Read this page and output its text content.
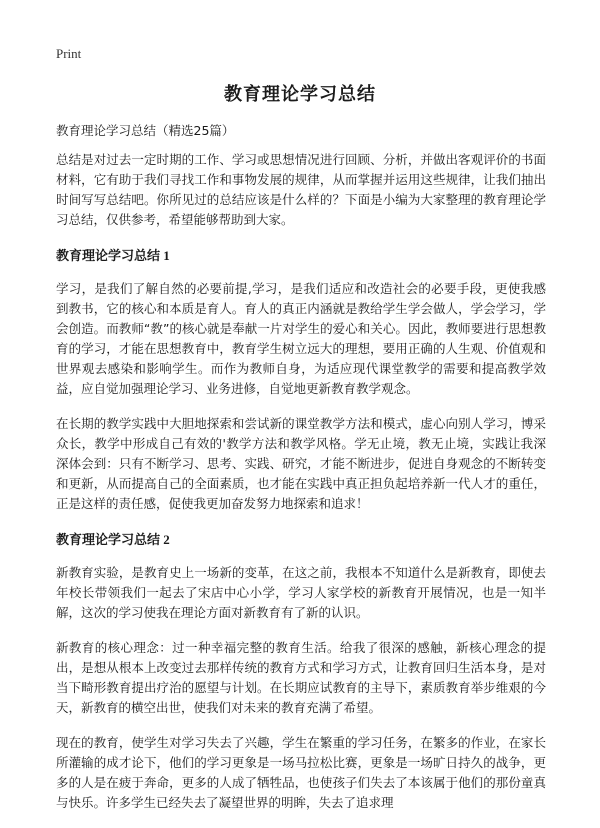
Print
教育理论学习总结

教育理论学习总结（精选25篇）

总结是对过去一定时期的工作、学习或思想情况进行回顾、分析，并做出客观评价的书面材料，它有助于我们寻找工作和事物发展的规律，从而掌握并运用这些规律，让我们抽出时间写写总结吧。你所见过的总结应该是什么样的？下面是小编为大家整理的教育理论学习总结，仅供参考，希望能够帮助到大家。

教育理论学习总结 1

学习，是我们了解自然的必要前提,学习，是我们适应和改造社会的必要手段，更使我感到教书，它的核心和本质是育人。育人的真正内涵就是教给学生学会做人，学会学习，学会创造。而教师“教”的核心就是奉献一片对学生的爱心和关心。因此，教师要进行思想教育的学习，才能在思想教育中，教育学生树立远大的理想，要用正确的人生观、价值观和世界观去感染和影响学生。而作为教师自身，为适应现代课堂教学的需要和提高教学效益，应自觉加强理论学习、业务进修，自觉地更新教育教学观念。

在长期的教学实践中大胆地探索和尝试新的课堂教学方法和模式，虚心向别人学习，博采众长，教学中形成自己有效的'教学方法和教学风格。学无止境，教无止境，实践让我深深体会到：只有不断学习、思考、实践、研究，才能不断进步，促进自身观念的不断转变和更新，从而提高自己的全面素质，也才能在实践中真正担负起培养新一代人才的重任，正是这样的责任感，促使我更加奋发努力地探索和追求！

教育理论学习总结 2

新教育实验，是教育史上一场新的变革，在这之前，我根本不知道什么是新教育，即使去年校长带领我们一起去了宋店中心小学，学习人家学校的新教育开展情况，也是一知半解，这次的学习使我在理论方面对新教育有了新的认识。

新教育的核心理念：过一种幸福完整的教育生活。给我了很深的感触，新核心理念的提出，是想从根本上改变过去那样传统的教育方式和学习方式，让教育回归生活本身，是对当下畸形教育提出疗治的愿望与计划。在长期应试教育的主导下，素质教育举步维艰的今天，新教育的横空出世，使我们对未来的教育充满了希望。

现在的教育，使学生对学习失去了兴趣，学生在繁重的学习任务，在繁多的作业，在家长所灌输的成才论下，他们的学习更象是一场马拉松比赛，更象是一场旷日持久的战争，更多的人是在疲于奔命，更多的人成了牺牲品，也使孩子们失去了本该属于他们的那份童真与快乐。许多学生已经失去了凝望世界的明眸，失去了追求理
